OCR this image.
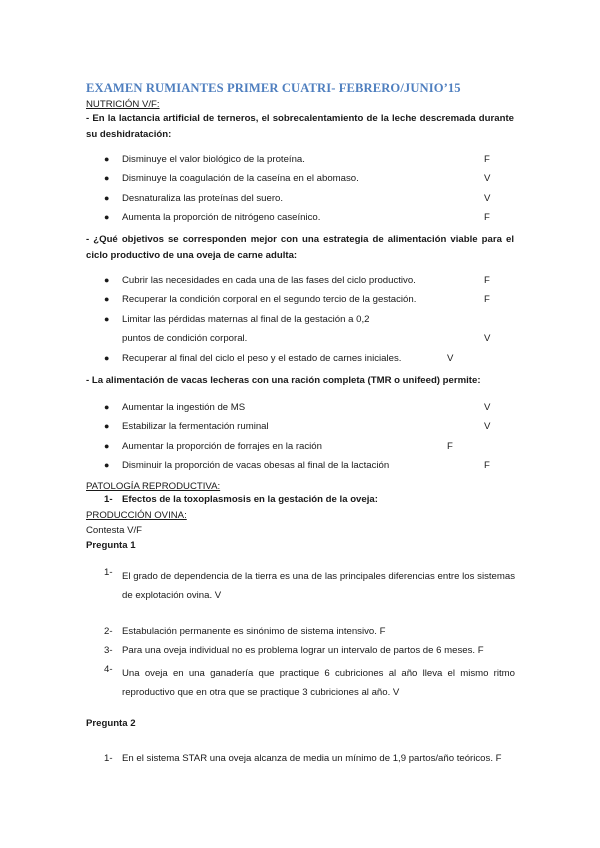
EXAMEN RUMIANTES PRIMER CUATRI- FEBRERO/JUNIO’15
NUTRICIÓN V/F:
- En la lactancia artificial de terneros, el sobrecalentamiento de la leche descremada durante su deshidratación:
● Disminuye el valor biológico de la proteína.	F
● Disminuye la coagulación de la caseína en el abomaso.	V
● Desnaturaliza las proteínas del suero.	V
● Aumenta la proporción de nitrógeno caseínico.	F
- ¿Qué objetivos se corresponden mejor con una estrategia de alimentación viable para el ciclo productivo de una oveja de carne adulta:
● Cubrir las necesidades en cada una de las fases del ciclo productivo.	F
● Recuperar la condición corporal en el segundo tercio de la gestación.	F
● Limitar las pérdidas maternas al final de la gestación a 0,2
puntos de condición corporal.	V
● Recuperar al final del ciclo el peso y el estado de carnes iniciales.	V
- La alimentación de vacas lecheras con una ración completa (TMR o unifeed) permite:
● Aumentar la ingestión de MS	V
● Estabilizar la fermentación ruminal	V
● Aumentar la proporción de forrajes en la ración	F
● Disminuir la proporción de vacas obesas al final de la lactación	F
PATOLOGÍA REPRODUCTIVA:
1- Efectos de la toxoplasmosis en la gestación de la oveja:
PRODUCCIÓN OVINA:
Contesta V/F
Pregunta 1
1- El grado de dependencia de la tierra es una de las principales diferencias entre los sistemas de explotación ovina. V
2- Estabulación permanente es sinónimo de sistema intensivo. F
3- Para una oveja individual no es problema lograr un intervalo de partos de 6 meses. F
4- Una oveja en una ganadería que practique 6 cubriciones al año lleva el mismo ritmo reproductivo que en otra que se practique 3 cubriciones al año. V
Pregunta 2
1- En el sistema STAR una oveja alcanza de media un mínimo de 1,9 partos/año teóricos. F
